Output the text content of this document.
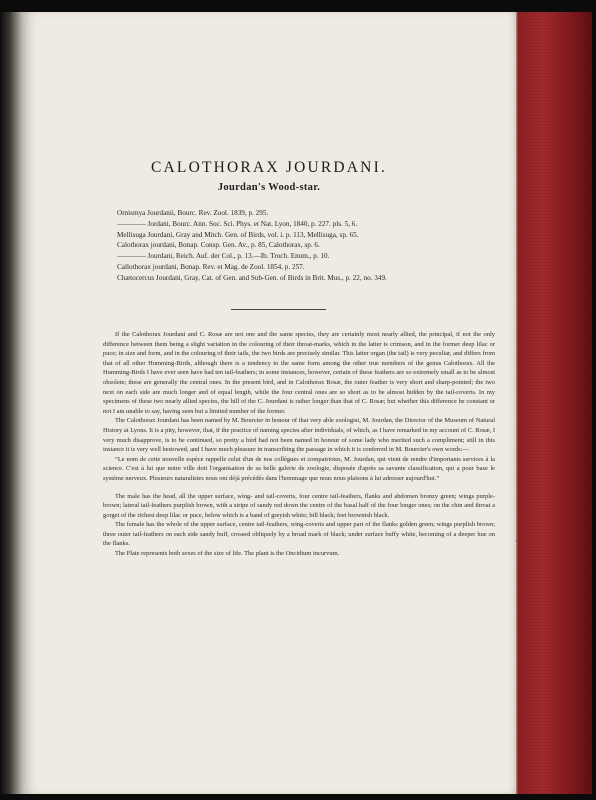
CALOTHORAX JOURDANI.
Jourdan's Wood-star.
Ornismya Jourdanii, Bourc. Rev. Zool. 1839, p. 295.
———— Jordani, Bourc. Ann. Soc. Sci. Phys. et Nat. Lyon, 1840, p. 227. pls. 5, 6.
Mellisuga Jourdani, Gray and Mitch. Gen. of Birds, vol. i. p. 113, Mellisuga, sp. 65.
Calothorax jourdani, Bonap. Consp. Gen. Av., p. 85, Calothorax, sp. 6.
———— Jourdani, Reich. Auf. der Col., p. 13.—Ib. Troch. Enum., p. 10.
Callothorax jourdani, Bonap. Rev. et Mag. de Zool. 1854, p. 257.
Chætocercus Jourdani, Gray, Cat. of Gen. and Sub-Gen. of Birds in Brit. Mus., p. 22, no. 349.

If the Calothorax Jourdani and C. Rosæ are not one and the same species, they are certainly most nearly allied, the principal, if not the only difference between them being a slight variation in the colouring of their throat-marks, which in the latter is crimson, and in the former deep lilac or puce; in size and form, and in the colouring of their tails, the two birds are precisely similar. This latter organ (the tail) is very peculiar, and differs from that of all other Humming-Birds, although there is a tendency to the same form among the other true members of the genus Calothorax. All the Humming-Birds I have ever seen have had ten tail-feathers; in some instances, however, certain of these feathers are so extremely small as to be almost obsolete; these are generally the central ones. In the present bird, and in Calothorax Rosæ, the outer feather is very short and sharp-pointed; the two next on each side are much longer and of equal length, while the four central ones are so short as to be almost hidden by the tail-coverts. In my specimens of these two nearly allied species, the bill of the C. Jourdani is rather longer than that of C. Rosæ; but whether this difference be constant or not I am unable to say, having seen but a limited number of the former.

The Calothorax Jourdani has been named by M. Bourcier in honour of that very able zoologist, M. Jourdan, the Director of the Museum of Natural History at Lyons. It is a pity, however, that, if the practice of naming species after individuals, of which, as I have remarked in my account of C. Rosæ, I very much disapprove, is to be continued, so pretty a bird had not been named in honour of some lady who merited such a compliment; still in this instance it is very well bestowed, and I have much pleasure in transcribing the passage in which it is conferred in M. Bourcier's own words:—

“Le nom de cette nouvelle espèce rappelle celui d'un de nos collègues et compatriotes, M. Jourdan, qui vient de rendre d'importants services à la science. C'est à lui que notre ville doit l'organisation de sa belle galerie de zoologie, disposée d'après sa savante classification, qui a pour base le système nerveux. Plusieurs naturalistes nous ont déjà précédés dans l'hommage que nous nous plaisons à lui adresser aujourd'hui.”

The male has the head, all the upper surface, wing- and tail-coverts, four centre tail-feathers, flanks and abdomen bronzy green; wings purple-brown; lateral tail-feathers purplish brown, with a stripe of sandy red down the centre of the basal half of the four longer ones; on the chin and throat a gorget of the richest deep lilac or puce, below which is a band of greyish white; bill black; feet brownish black.

The female has the whole of the upper surface, centre tail-feathers, wing-coverts and upper part of the flanks golden green; wings purplish brown; three outer tail-feathers on each side sandy buff, crossed obliquely by a broad mark of black; under surface buffy white, becoming of a deeper hue on the flanks.

The Plate represents both sexes of the size of life. The plant is the Oncidium incurvum.
